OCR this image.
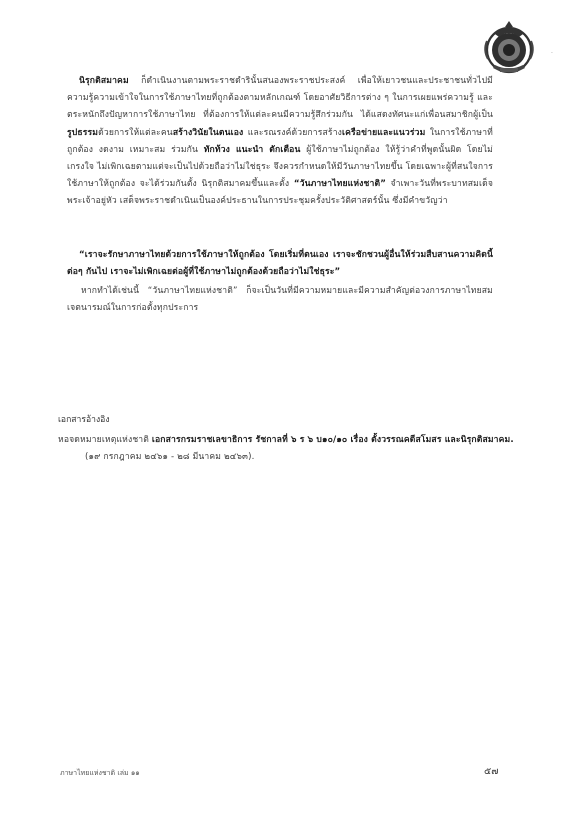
·

นิรุกติสมาคม ก็ดำเนินงานตามพระราชดำรินั้นสนองพระราชประสงค์ เพื่อให้เยาวชนและประชาชนทั่วไปมีความรู้ความเข้าใจในการใช้ภาษาไทยที่ถูกต้องตามหลักเกณฑ์ โดยอาศัยวิธีการต่าง ๆ ในการเผยแพร่ความรู้ และตระหนักถึงปัญหาการใช้ภาษาไทย ที่ต้องการให้แต่ละคนมีความรู้สึกร่วมกัน ได้แสดงทัศนะแก่เพื่อนสมาชิกผู้เป็นรูปธรรมด้วยการให้แต่ละคนสร้างวินัยในตนเอง และรณรงค์ด้วยการสร้างเครือข่ายและแนวร่วม ในการใช้ภาษาที่ถูกต้อง งดงาม เหมาะสม ร่วมกัน ทักท้วง แนะนำ ตักเตือน ผู้ใช้ภาษาไม่ถูกต้อง ให้รู้ว่าคำที่พูดนั้นผิด โดยไม่เกรงใจ ไม่เพิกเฉยตามแต่จะเป็นไปด้วยถือว่าไม่ใช่ธุระ จึงควรกำหนดให้มีวันภาษาไทยขึ้น โดยเฉพาะผู้ที่สนใจการใช้ภาษาให้ถูกต้อง จะได้ร่วมกันตั้ง นิรุกติสมาคมขึ้นและตั้ง “วันภาษาไทยแห่งชาติ” จำเพาะวันที่พระบาทสมเด็จพระเจ้าอยู่หัว เสด็จพระราชดำเนินเป็นองค์ประธานในการประชุมครั้งประวัติศาสตร์นั้น ซึ่งมีคำขวัญว่า

“เราจะรักษาภาษาไทยด้วยการใช้ภาษาให้ถูกต้อง โดยเริ่มที่ตนเอง เราจะชักชวนผู้อื่นให้ร่วมสืบสานความคิดนี้ต่อๆ กันไป เราจะไม่เพิกเฉยต่อผู้ที่ใช้ภาษาไม่ถูกต้องด้วยถือว่าไม่ใช่ธุระ”

หากทำได้เช่นนี้ “วันภาษาไทยแห่งชาติ” ก็จะเป็นวันที่มีความหมายและมีความสำคัญต่อวงการภาษาไทยสมเจตนารมณ์ในการก่อตั้งทุกประการ

เอกสารอ้างอิง
หอจดหมายเหตุแห่งชาติ เอกสารกรมราชเลขาธิการ รัชกาลที่ ๖ ร ๖ บ๑๐/๑๐ เรื่อง ตั้งวรรณคดีสโมสร และนิรุกติสมาคม. (๑๙ กรกฎาคม ๒๔๖๑ - ๒๘ มีนาคม ๒๔๖๓).
ภาษาไทยแห่งชาติ เล่ม ๑๑	๕๗
